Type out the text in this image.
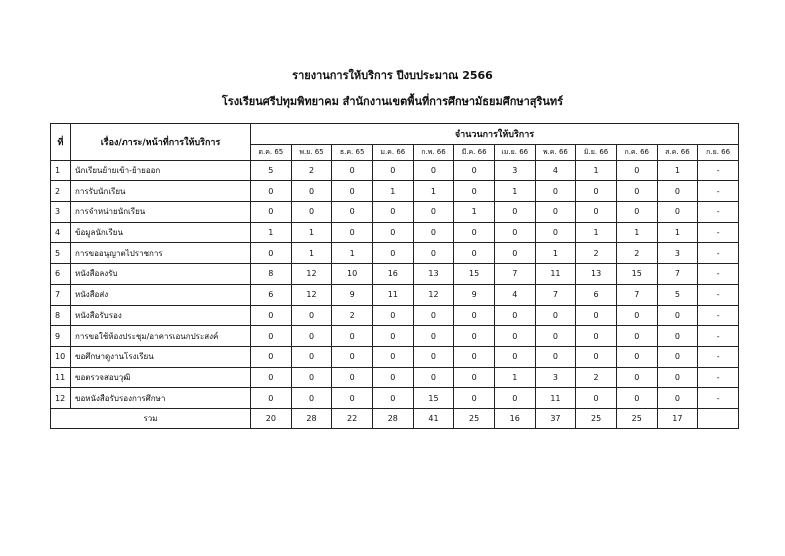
รายงานการให้บริการ ปีงบประมาณ 2566
โรงเรียนศรีปทุมพิทยาคม สำนักงานเขตพื้นที่การศึกษามัธยมศึกษาสุรินทร์
ที่	เรื่อง/ภาระ/หน้าที่การให้บริการ	จำนวนการให้บริการ											
		ต.ค. 65	พ.ย. 65	ธ.ค. 65	ม.ค. 66	ก.พ. 66	มี.ค. 66	เม.ย. 66	พ.ค. 66	มิ.ย. 66	ก.ค. 66	ส.ค. 66	ก.ย. 66
1	นักเรียนย้ายเข้า-ย้ายออก	5	2	0	0	0	0	3	4	1	0	1	-
2	การรับนักเรียน	0	0	0	1	1	0	1	0	0	0	0	-
3	การจำหน่ายนักเรียน	0	0	0	0	0	1	0	0	0	0	0	-
4	ข้อมูลนักเรียน	1	1	0	0	0	0	0	0	1	1	1	-
5	การขออนุญาตไปราชการ	0	1	1	0	0	0	0	1	2	2	3	-
6	หนังสือลงรับ	8	12	10	16	13	15	7	11	13	15	7	-
7	หนังสือส่ง	6	12	9	11	12	9	4	7	6	7	5	-
8	หนังสือรับรอง	0	0	2	0	0	0	0	0	0	0	0	-
9	การขอใช้ห้องประชุม/อาคารเอนกประสงค์	0	0	0	0	0	0	0	0	0	0	0	-
10	ขอศึกษาดูงานโรงเรียน	0	0	0	0	0	0	0	0	0	0	0	-
11	ขอตรวจสอบวุฒิ	0	0	0	0	0	0	1	3	2	0	0	-
12	ขอหนังสือรับรองการศึกษา	0	0	0	0	15	0	0	11	0	0	0	-
รวม		20	28	22	28	41	25	16	37	25	25	17	
